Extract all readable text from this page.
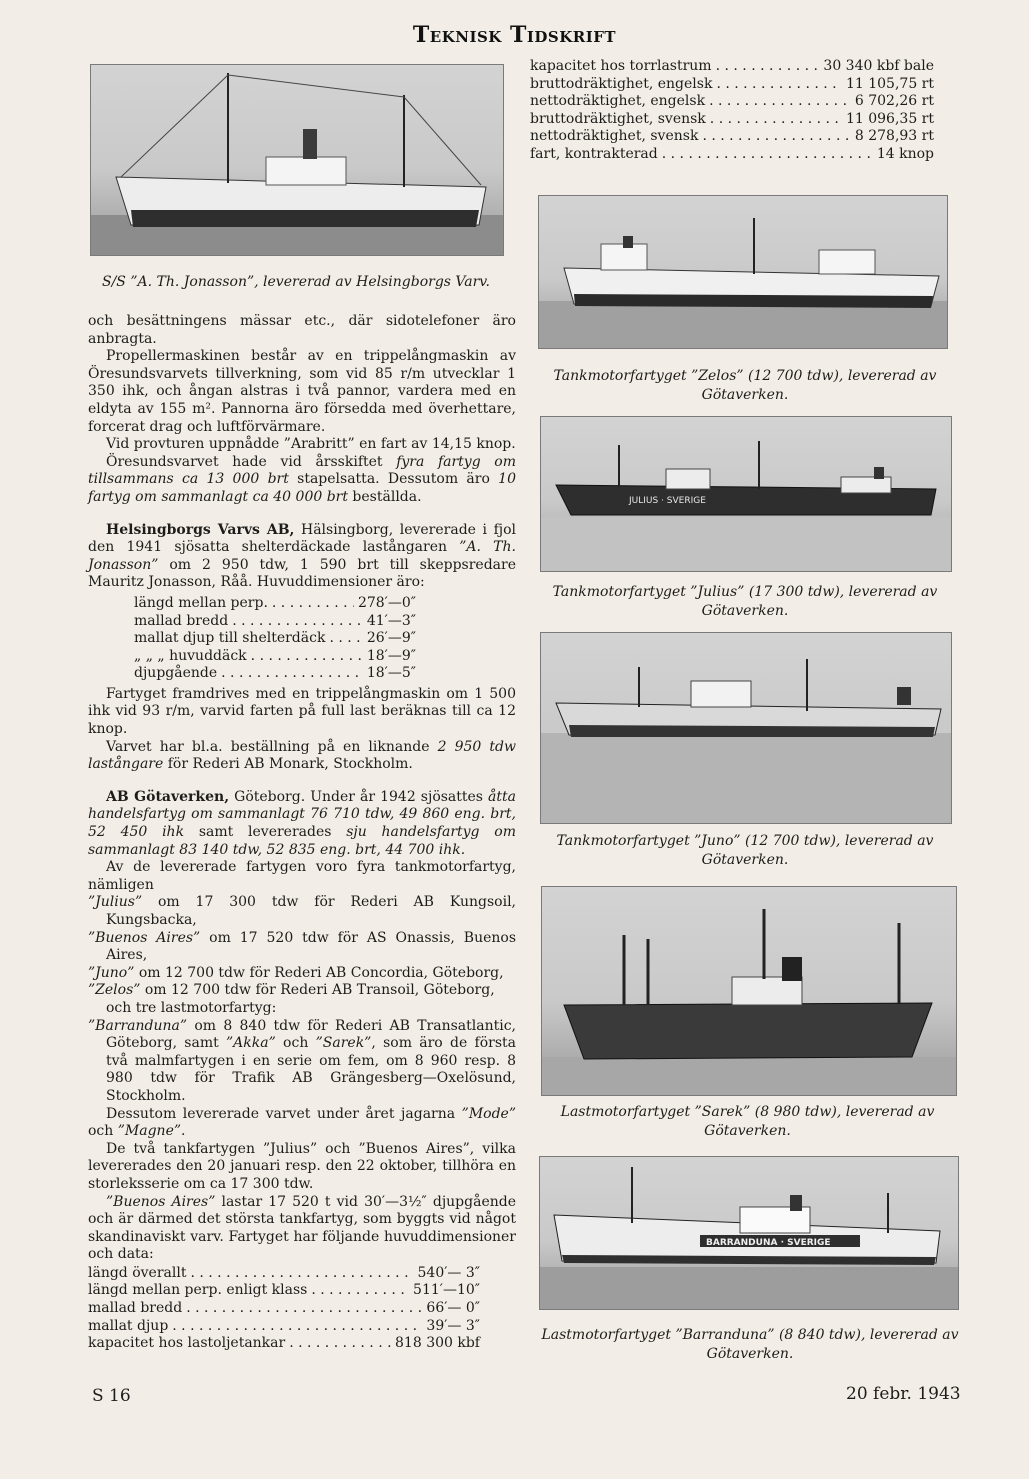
Teknisk Tidskrift
kapacitet hos torrlastrum . . .	30 340 kbf bale
bruttodräktighet, engelsk . . .	11 105,75 rt
nettodräktighet, engelsk . . .	6 702,26 rt
bruttodräktighet, svensk . . .	11 096,35 rt
nettodräktighet, svensk . . .	8 278,93 rt
fart, kontrakterad . . .	14 knop
S/S ”A. Th. Jonasson”, levererad av Helsingborgs Varv.
Tankmotorfartyget ”Zelos” (12 700 tdw), levererad av Götaverken.
JULIUS · SVERIGE
Tankmotorfartyget ”Julius” (17 300 tdw), levererad av Götaverken.
Tankmotorfartyget ”Juno” (12 700 tdw), levererad av Götaverken.
Lastmotorfartyget ”Sarek” (8 980 tdw), levererad av Götaverken.
BARRANDUNA · SVERIGE
Lastmotorfartyget ”Barranduna” (8 840 tdw), levererad av Götaverken.

och besättningens mässar etc., där sidotelefoner äro anbragta.

Propellermaskinen består av en trippelångmaskin av Öresundsvarvets tillverkning, som vid 85 r/m utvecklar 1 350 ihk, och ångan alstras i två pannor, vardera med en eldyta av 155 m². Pannorna äro försedda med överhettare, forcerat drag och luftförvärmare.

Vid provturen uppnådde ”Arabritt” en fart av 14,15 knop.

Öresundsvarvet hade vid årsskiftet fyra fartyg om tillsammans ca 13 000 brt stapelsatta. Dessutom äro 10 fartyg om sammanlagt ca 40 000 brt beställda.

Helsingborgs Varvs AB, Hälsingborg, levererade i fjol den 1941 sjösatta shelterdäckade lastångaren ”A. Th. Jonasson” om 2 950 tdw, 1 590 brt till skeppsredare Mauritz Jonasson, Råå. Huvuddimensioner äro:

längd mellan perp. . . .	278′—0″
mallad bredd . . .	41′—3″
mallat djup till shelterdäck . . .	26′—9″
„ „ „ huvuddäck . . .	18′—9″
djupgående . . .	18′—5″

Fartyget framdrives med en trippelångmaskin om 1 500 ihk vid 93 r/m, varvid farten på full last beräknas till ca 12 knop.

Varvet har bl.a. beställning på en liknande 2 950 tdw lastångare för Rederi AB Monark, Stockholm.

AB Götaverken, Göteborg. Under år 1942 sjösattes åtta handelsfartyg om sammanlagt 76 710 tdw, 49 860 eng. brt, 52 450 ihk samt levererades sju handelsfartyg om sammanlagt 83 140 tdw, 52 835 eng. brt, 44 700 ihk.

Av de levererade fartygen voro fyra tankmotorfartyg, nämligen

”Julius” om 17 300 tdw för Rederi AB Kungsoil, Kungsbacka,

”Buenos Aires” om 17 520 tdw för AS Onassis, Buenos Aires,

”Juno” om 12 700 tdw för Rederi AB Concordia, Göteborg,

”Zelos” om 12 700 tdw för Rederi AB Transoil, Göteborg,

och tre lastmotorfartyg:

”Barranduna” om 8 840 tdw för Rederi AB Transatlantic, Göteborg, samt ”Akka” och ”Sarek”, som äro de första två malmfartygen i en serie om fem, om 8 960 resp. 8 980 tdw för Trafik AB Grängesberg—Oxelösund, Stockholm.

Dessutom levererade varvet under året jagarna ”Mode” och ”Magne”.

De två tankfartygen ”Julius” och ”Buenos Aires”, vilka levererades den 20 januari resp. den 22 oktober, tillhöra en storleksserie om ca 17 300 tdw.

”Buenos Aires” lastar 17 520 t vid 30′—3½″ djupgående och är därmed det största tankfartyg, som byggts vid något skandinaviskt varv. Fartyget har följande huvuddimensioner och data:

längd överallt . . .	540′— 3″
längd mellan perp. enligt klass . . .	511′—10″
mallad bredd . . .	66′— 0″
mallat djup . . .	39′— 3″
kapacitet hos lastoljetankar . . .	818 300 kbf
S 16	20 febr. 1943
